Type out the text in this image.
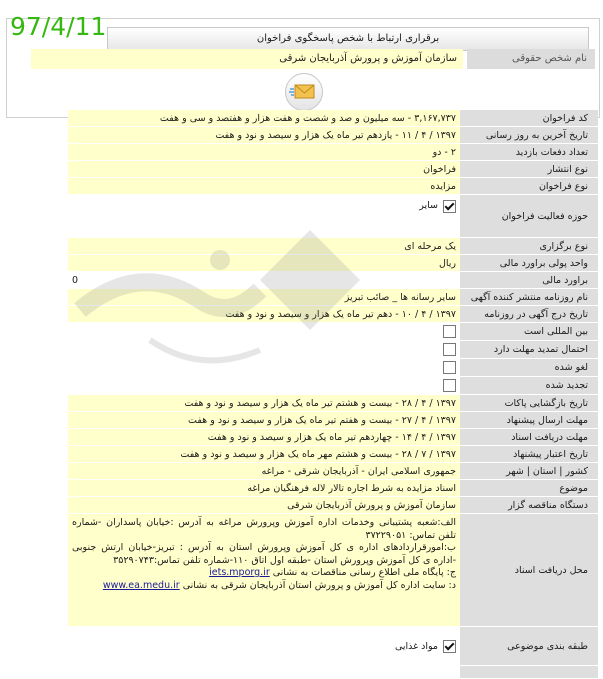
97/4/11	برقراری ارتباط با شخص پاسخگوی فراخوان
نام شخص حقوقی
سازمان آموزش و پرورش آذربایجان شرقی
کد فراخوان
۳,۱۶۷,۷۳۷ - سه میلیون و صد و شصت و هفت هزار و هفتصد و سی و هفت
تاریخ آخرین به روز رسانی
۱۳۹۷ / ۴ / ۱۱ - یازدهم تیر ماه یک هزار و سیصد و نود و هفت
تعداد دفعات بازدید
۲ - دو
نوع انتشار
فراخوان
نوع فراخوان
مزایده
حوزه فعالیت فراخوان
سایر
نوع برگزاری
یک مرحله ای
واحد پولی براورد مالی
ریال
براورد مالی
0
نام روزنامه منتشر کننده آگهی
سایر رسانه ها _ صائب تبریز
تاریخ درج آگهی در روزنامه
۱۳۹۷ / ۴ / ۱۰ - دهم تیر ماه یک هزار و سیصد و نود و هفت
بین المللی است
احتمال تمدید مهلت دارد
لغو شده
تجدید شده
تاریخ بازگشایی پاکات
۱۳۹۷ / ۴ / ۲۸ - بیست و هشتم تیر ماه یک هزار و سیصد و نود و هفت
مهلت ارسال پیشنهاد
۱۳۹۷ / ۴ / ۲۷ - بیست و هفتم تیر ماه یک هزار و سیصد و نود و هفت
مهلت دریافت اسناد
۱۳۹۷ / ۴ / ۱۴ - چهاردهم تیر ماه یک هزار و سیصد و نود و هفت
تاریخ اعتبار پیشنهاد
۱۳۹۷ / ۷ / ۲۸ - بیست و هشتم مهر ماه یک هزار و سیصد و نود و هفت
کشور | استان | شهر
جمهوری اسلامی ایران - آذربایجان شرقی - مراغه
موضوع
اسناد مزایده به شرط اجاره تالار لاله فرهنگیان مراغه
دستگاه مناقصه گزار
سازمان آموزش و پرورش آذربایجان شرقی
محل دریافت اسناد
الف:شعبه پشتیبانی وخدمات اداره آموزش وپرورش مراغه به آدرس :خیابان پاسداران -شماره تلفن تماس: ۳۷۲۲۹۰۵۱
ب:امورقراردادهای اداره ی کل آموزش وپرورش استان به آدرس : تبریز-خیابان ارتش جنوبی -اداره ی کل آموزش وپرورش استان -طبقه اول اتاق ۱۱۰-شماره تلفن تماس:۳۵۲۹۰۷۴۳
ج: پایگاه ملی اطلاع رسانی مناقصات به نشانی iets.mporg.ir
د: سایت اداره کل آموزش و پرورش استان آذربایجان شرقی به نشانی www.ea.medu.ir
طبقه بندی موضوعی
مواد غذایی
